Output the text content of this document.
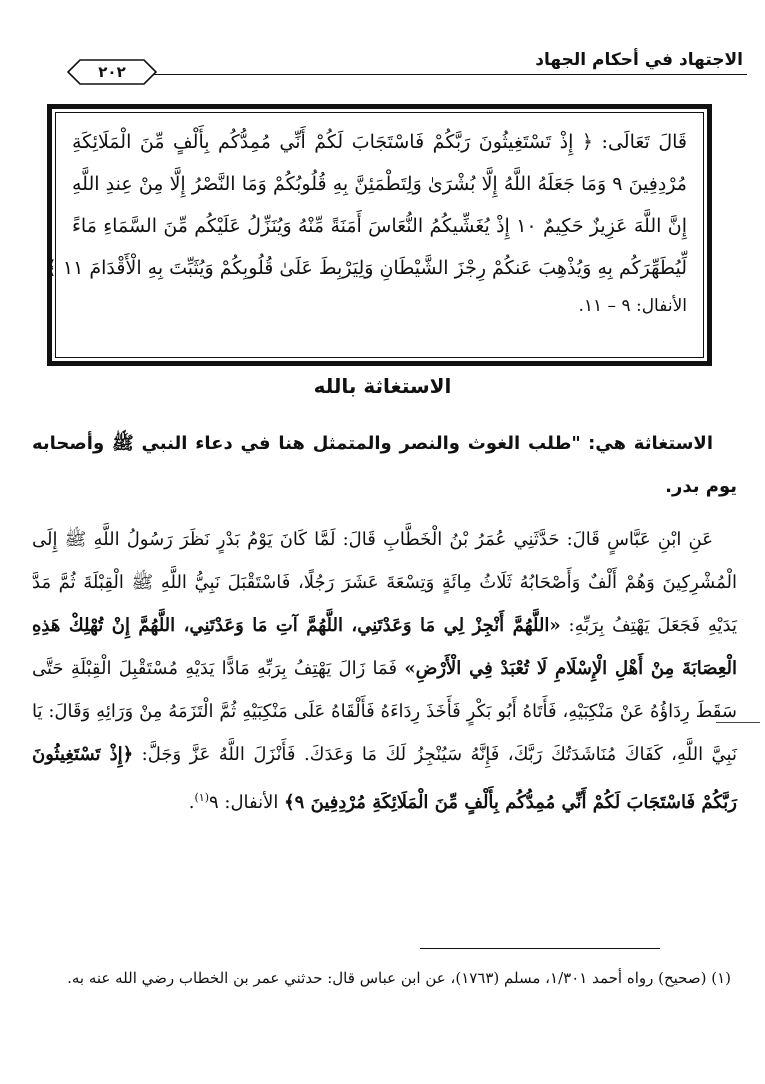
الاجتهاد في أحكام الجهاد
٢٠٢
قَالَ تَعَالَى: ﴿ إِذْ تَسْتَغِيثُونَ رَبَّكُمْ فَاسْتَجَابَ لَكُمْ أَنِّي مُمِدُّكُم بِأَلْفٍ مِّنَ الْمَلَائِكَةِ
مُرْدِفِينَ ٩ وَمَا جَعَلَهُ اللَّهُ إِلَّا بُشْرَىٰ وَلِتَطْمَئِنَّ بِهِ قُلُوبُكُمْ وَمَا النَّصْرُ إِلَّا مِنْ عِندِ اللَّهِ
إِنَّ اللَّهَ عَزِيزٌ حَكِيمٌ ١٠ إِذْ يُغَشِّيكُمُ النُّعَاسَ أَمَنَةً مِّنْهُ وَيُنَزِّلُ عَلَيْكُم مِّنَ السَّمَاءِ مَاءً
لِّيُطَهِّرَكُم بِهِ وَيُذْهِبَ عَنكُمْ رِجْزَ الشَّيْطَانِ وَلِيَرْبِطَ عَلَىٰ قُلُوبِكُمْ وَيُثَبِّتَ بِهِ الْأَقْدَامَ ١١ ﴾
الأنفال: ٩ – ١١.
الاستغاثة بالله

الاستغاثة هي: "طلب الغوث والنصر والمتمثل هنا في دعاء النبي ﷺ وأصحابه يوم بدر.

عَنِ ابْنِ عَبَّاسٍ قَالَ: حَدَّثَنِي عُمَرُ بْنُ الْخَطَّابِ قَالَ: لَمَّا كَانَ يَوْمُ بَدْرٍ نَظَرَ رَسُولُ اللَّهِ ﷺ إِلَى الْمُشْرِكِينَ وَهُمْ أَلْفٌ وَأَصْحَابُهُ ثَلَاثُ مِائَةٍ وَتِسْعَةَ عَشَرَ رَجُلًا، فَاسْتَقْبَلَ نَبِيُّ اللَّهِ ﷺ الْقِبْلَةَ ثُمَّ مَدَّ يَدَيْهِ فَجَعَلَ يَهْتِفُ بِرَبِّهِ: «اللَّهُمَّ أَنْجِزْ لِي مَا وَعَدْتَنِي، اللَّهُمَّ آتِ مَا وَعَدْتَنِي، اللَّهُمَّ إِنْ تُهْلِكْ هَذِهِ الْعِصَابَةَ مِنْ أَهْلِ الْإِسْلَامِ لَا تُعْبَدْ فِي الْأَرْضِ» فَمَا زَالَ يَهْتِفُ بِرَبِّهِ مَادًّا يَدَيْهِ مُسْتَقْبِلَ الْقِبْلَةِ حَتَّى سَقَطَ رِدَاؤُهُ عَنْ مَنْكِبَيْهِ، فَأَتَاهُ أَبُو بَكْرٍ فَأَخَذَ رِدَاءَهُ فَأَلْقَاهُ عَلَى مَنْكِبَيْهِ ثُمَّ الْتَزَمَهُ مِنْ وَرَائِهِ وَقَالَ: يَا نَبِيَّ اللَّهِ، كَفَاكَ مُنَاشَدَتُكَ رَبَّكَ، فَإِنَّهُ سَيُنْجِزُ لَكَ مَا وَعَدَكَ. فَأَنْزَلَ اللَّهُ عَزَّ وَجَلَّ: ﴿إِذْ تَسْتَغِيثُونَ رَبَّكُمْ فَاسْتَجَابَ لَكُمْ أَنِّي مُمِدُّكُم بِأَلْفٍ مِّنَ الْمَلَائِكَةِ مُرْدِفِينَ ٩﴾ الأنفال: ٩$^{(١)}$.

(١) (صحيح) رواه أحمد ١/٣٠١، مسلم (١٧٦٣)، عن ابن عباس قال: حدثني عمر بن الخطاب رضي الله عنه به.
